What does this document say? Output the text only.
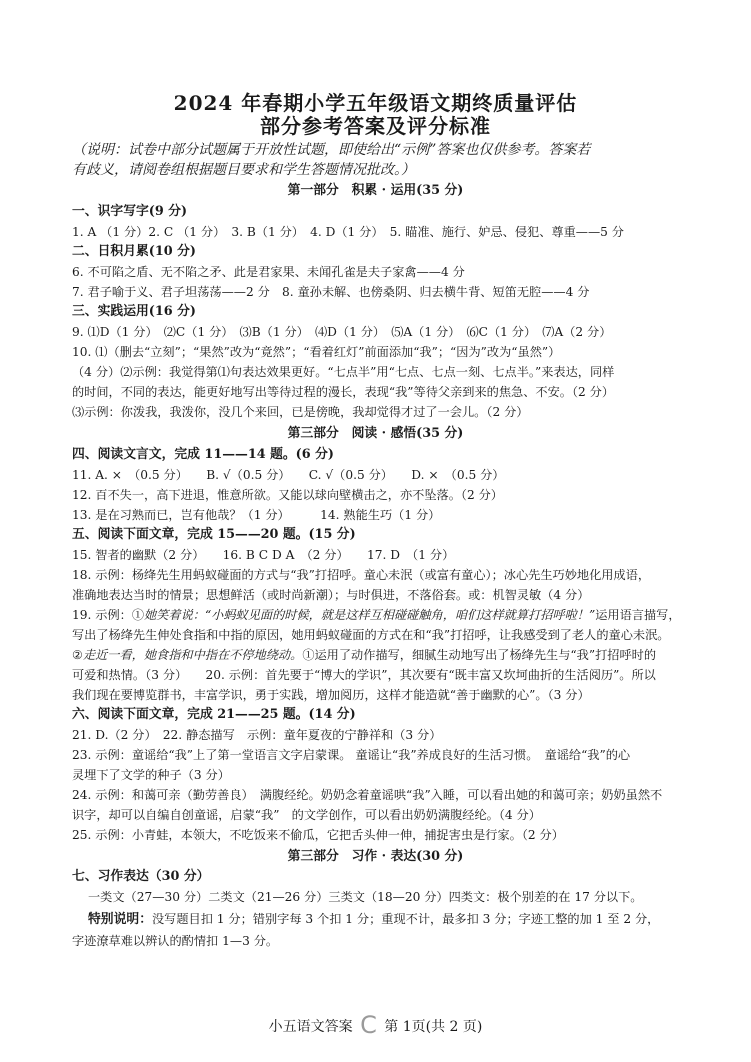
2024 年春期小学五年级语文期终质量评估
部分参考答案及评分标准
（说明：试卷中部分试题属于开放性试题，即使给出“示例”答案也仅供参考。答案若
有歧义，请阅卷组根据题目要求和学生答题情况批改。）
第一部分　积累 · 运用(35 分)
一、识字写字(9 分)
1. A （1 分）2. C （1 分）　3. B（1 分）　4. D（1 分）　5. 瞄准、施行、妒忌、侵犯、尊重——5 分
二、日积月累(10 分)
6. 不可陷之盾、无不陷之矛、此是君家果、未闻孔雀是夫子家禽——4 分
7. 君子喻于义、君子坦荡荡——2 分　8. 童孙未解、也傍桑阴、归去横牛背、短笛无腔——4 分
三、实践运用(16 分)
9. ⑴D（1 分）　⑵C（1 分）　⑶B（1 分）　⑷D（1 分）　⑸A（1 分）　⑹C（1 分）　⑺A（2 分）
10. ⑴（删去“立刻”；“果然”改为“竟然”；“看着红灯”前面添加“我”；“因为”改为“虽然”）
（4 分）⑵示例：我觉得第⑴句表达效果更好。“七点半”用“七点、七点一刻、七点半。”来表达，同样
的时间，不同的表达，能更好地写出等待过程的漫长，表现“我”等待父亲到来的焦急、不安。（2 分）
⑶示例：你泼我，我泼你，没几个来回，已是傍晚，我却觉得才过了一会儿。（2 分）
第三部分　阅读 · 感悟(35 分)
四、阅读文言文，完成 11——14 题。(6 分)
11. A. ×　（0.5 分）　　B. √（0.5 分）　　C. √（0.5 分）　　D. ×　（0.5 分）
12. 百不失一，高下进退，惟意所欲。又能以球向壁横击之，亦不坠落。（2 分）
13. 是在习熟而已，岂有他哉？（1 分）　　　14. 熟能生巧（1 分）
五、阅读下面文章，完成 15——20 题。(15 分)
15. 智者的幽默（2 分）　　16. B C D A　（2 分）　　17. D　（1 分）
18. 示例：杨绛先生用蚂蚁碰面的方式与“我”打招呼。童心未泯（或富有童心）；冰心先生巧妙地化用成语，
准确地表达当时的情景；思想鲜活（或时尚新潮）；与时俱进，不落俗套。或：机智灵敏（4 分）
19. 示例：①她笑着说：“小蚂蚁见面的时候，就是这样互相碰碰触角，咱们这样就算打招呼啦！”运用语言描写，
写出了杨绛先生伸处食指和中指的原因，她用蚂蚁碰面的方式在和“我”打招呼，让我感受到了老人的童心未泯。
②走近一看，她食指和中指在不停地绕动。①运用了动作描写，细腻生动地写出了杨绛先生与“我”打招呼时的
可爱和热情。（3 分）　　20. 示例：首先要于“博大的学识”，其次要有“既丰富又坎坷曲折的生活阅历”。所以
我们现在要博览群书，丰富学识，勇于实践，增加阅历，这样才能造就“善于幽默的心”。（3 分）
六、阅读下面文章，完成 21——25 题。(14 分)
21. D.（2 分）　22. 静态描写　示例：童年夏夜的宁静祥和（3 分）
23. 示例：童谣给“我”上了第一堂语言文字启蒙课。 童谣让“我”养成良好的生活习惯。　童谣给“我”的心
灵埋下了文学的种子（3 分）
24. 示例：和蔼可亲（勤劳善良）　满腹经纶。奶奶念着童谣哄“我”入睡，可以看出她的和蔼可亲；奶奶虽然不
识字，却可以自编自创童谣，启蒙“我”　的文学创作，可以看出奶奶满腹经纶。（4 分）
25. 示例：小青蛙，本领大，不吃饭来不偷瓜，它把舌头伸一伸，捕捉害虫是行家。（2 分）
第三部分　习作 · 表达(30 分)
七、习作表达（30 分）
一类文（27—30 分）二类文（21—26 分）三类文（18—20 分）四类文：极个别差的在 17 分以下。
特别说明：没写题目扣 1 分；错别字每 3 个扣 1 分；重现不计，最多扣 3 分；字迹工整的加 1 至 2 分，
字迹潦草难以辨认的酌情扣 1—3 分。
小五语文答案 C 第 1页(共 2 页)
